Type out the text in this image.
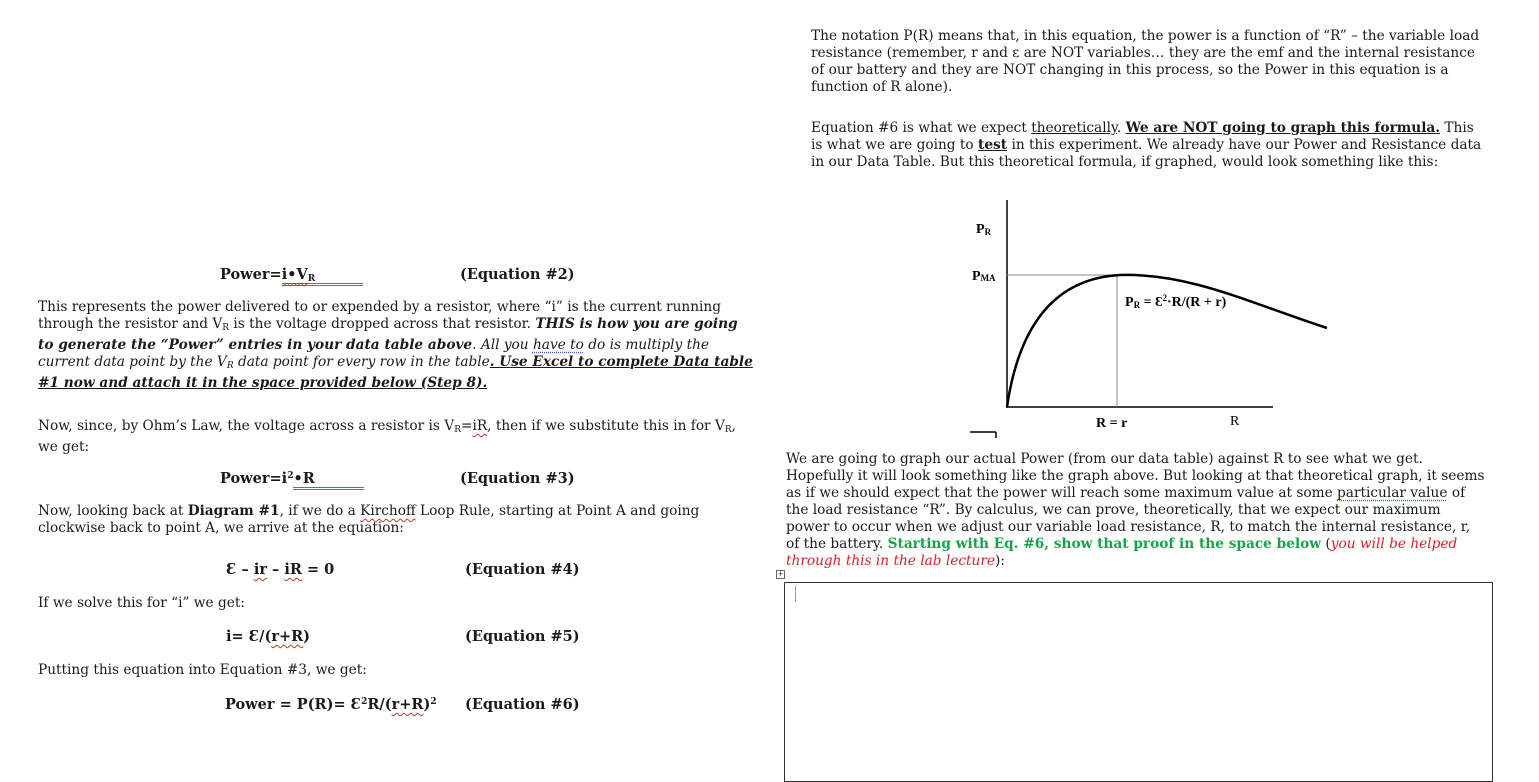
$Power=i•V_R$	(Equation #2)

This represents the power delivered to or expended by a resistor, where “i” is the current running through the resistor and $V_R$ is the voltage dropped across that resistor. THIS is how you are going to generate the “Power” entries in your data table above. All you have to do is multiply the current data point by the $V_R$ data point for every row in the table. Use Excel to complete Data table #1 now and attach it in the space provided below (Step 8).

Now, since, by Ohm’s Law, the voltage across a resistor is $V_R=iR$, then if we substitute this in for $V_R$, we get:

$Power=i^2•R$	(Equation #3)

Now, looking back at Diagram #1, if we do a Kirchoff Loop Rule, starting at Point A and going clockwise back to point A, we arrive at the equation:

Ɛ – ir – iR = 0	(Equation #4)

If we solve this for “i” we get:

i= Ɛ/(r+R)	(Equation #5)

Putting this equation into Equation #3, we get:

Power = $P(R)= Ɛ^2R/(r+R)^2$ (Equation #6)

The notation P(R) means that, in this equation, the power is a function of “R” – the variable load resistance (remember, r and ε are NOT variables… they are the emf and the internal resistance of our battery and they are NOT changing in this process, so the Power in this equation is a function of R alone).

Equation #6 is what we expect theoretically. We are NOT going to graph this formula. This is what we are going to test in this experiment. We already have our Power and Resistance data in our Data Table. But this theoretical formula, if graphed, would look something like this:

PR
PMA
PR = $Ɛ^2\cdot R/(R + r)$
R = r	R

We are going to graph our actual Power (from our data table) against R to see what we get. Hopefully it will look something like the graph above. But looking at that theoretical graph, it seems as if we should expect that the power will reach some maximum value at some particular value of the load resistance “R”. By calculus, we can prove, theoretically, that we expect our maximum power to occur when we adjust our variable load resistance, R, to match the internal resistance, r, of the battery. Starting with Eq. #6, show that proof in the space below (you will be helped through this in the lab lecture):

+
